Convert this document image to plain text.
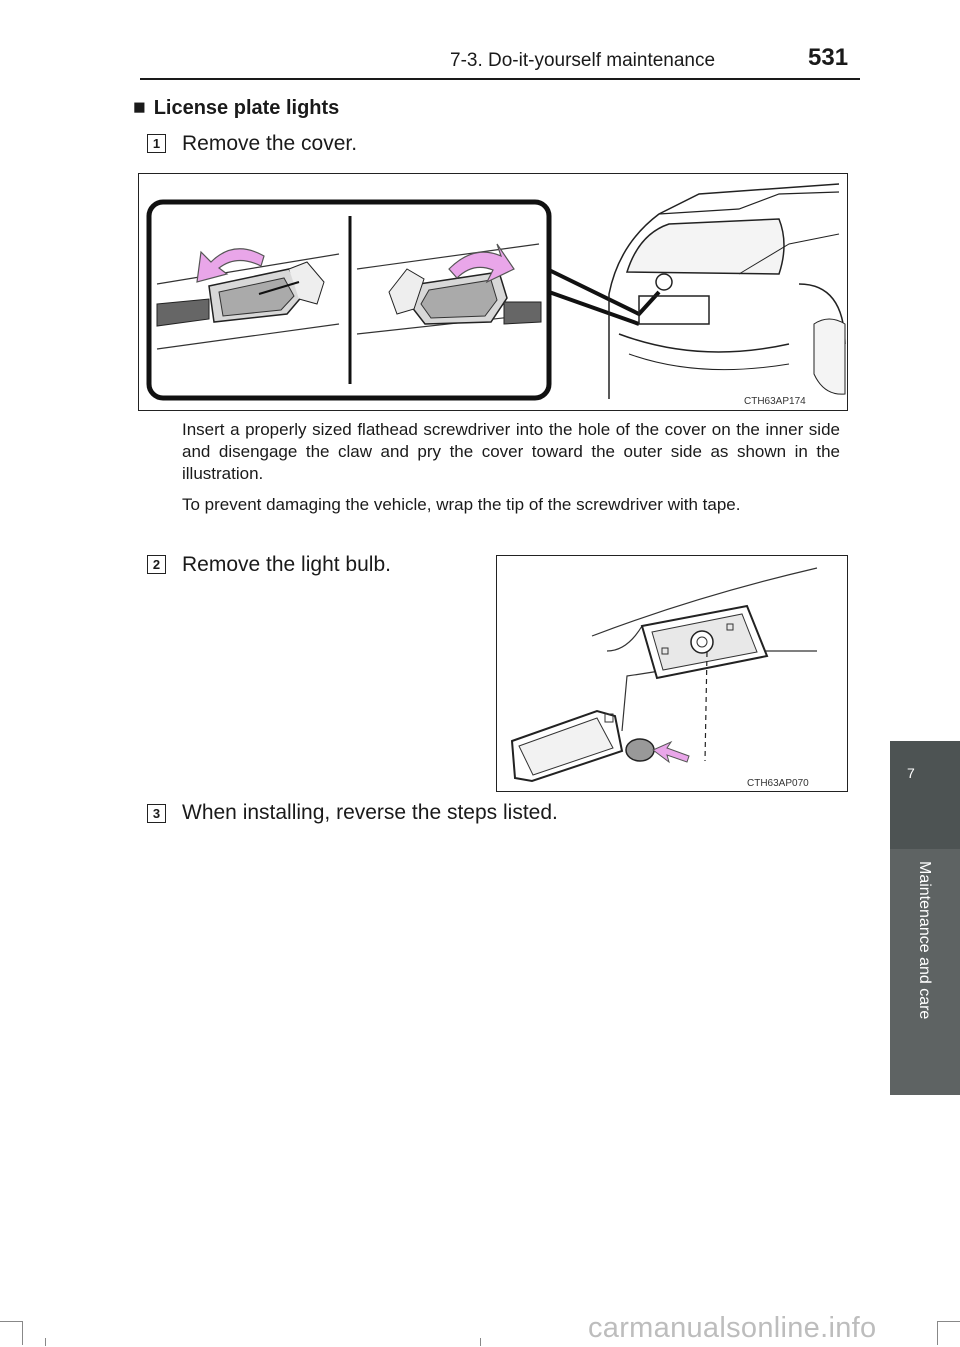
7-3. Do-it-yourself maintenance	531
■ License plate lights
1 Remove the cover.
CTH63AP174
Insert a properly sized flathead screwdriver into the hole of the cover on the inner side and disengage the claw and pry the cover toward the outer side as shown in the illustration.
To prevent damaging the vehicle, wrap the tip of the screwdriver with tape.
2 Remove the light bulb.
CTH63AP070
3 When installing, reverse the steps listed.
7
Maintenance and care
carmanualsonline.info
